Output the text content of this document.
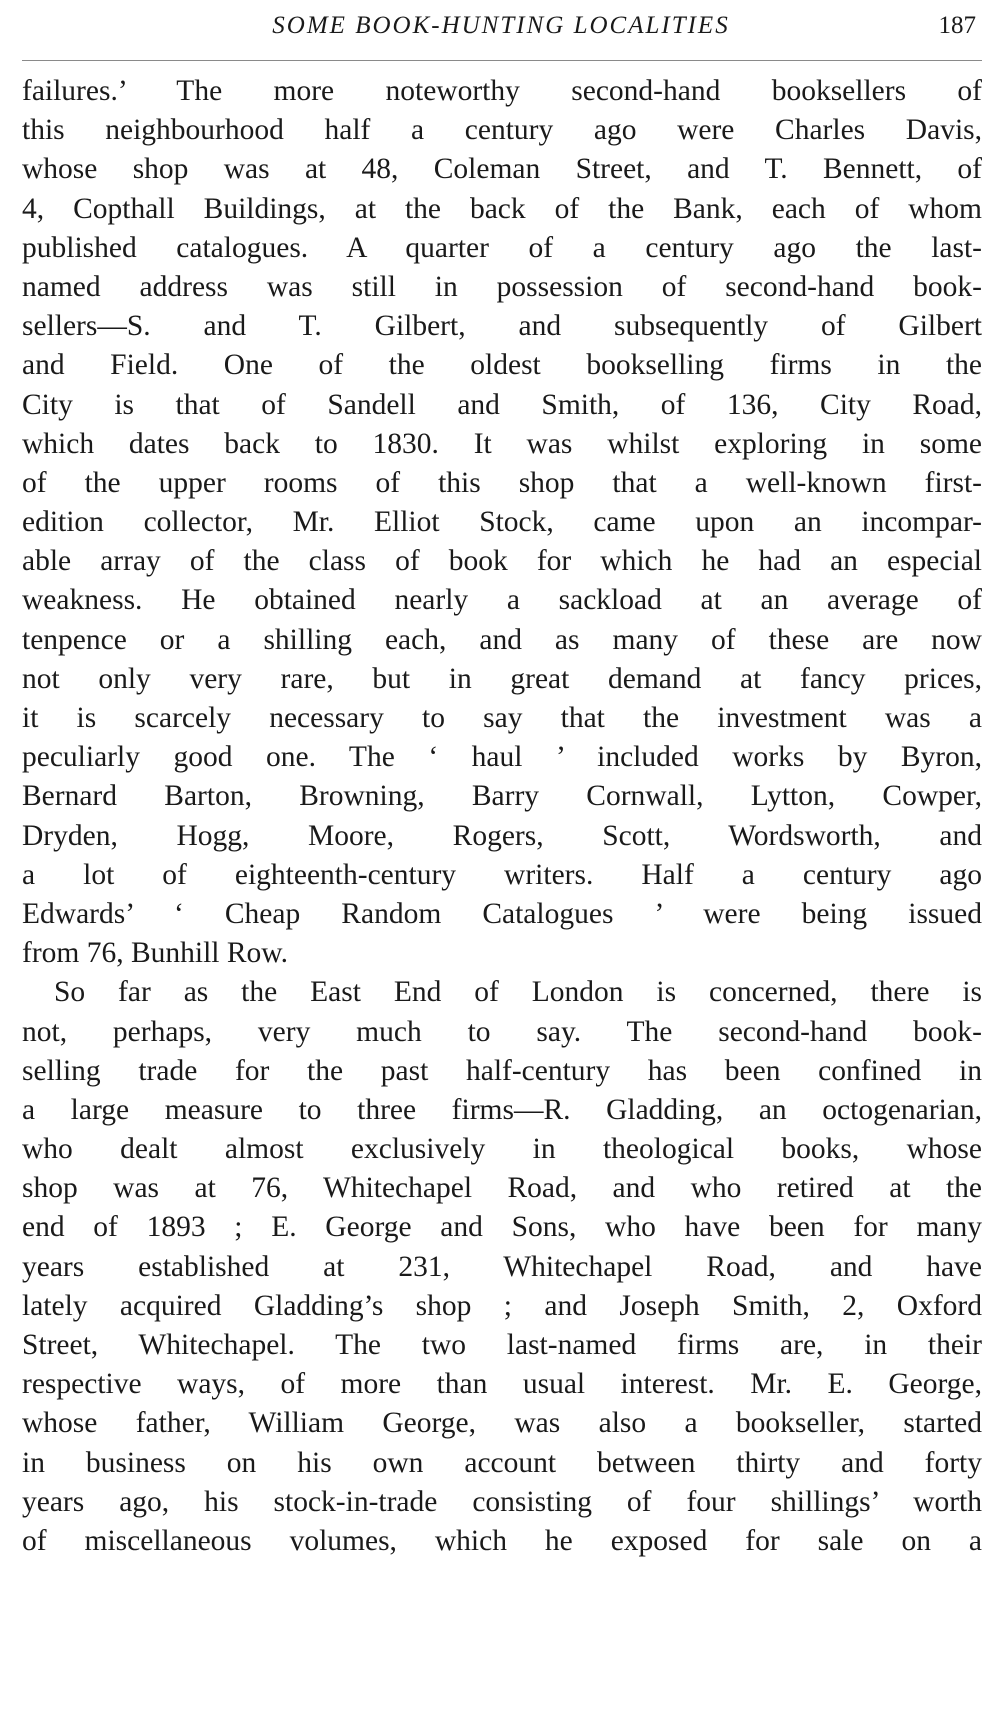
SOME BOOK-HUNTING LOCALITIES	187
failures.’ The more noteworthy second-hand booksellers of
this neighbourhood half a century ago were Charles Davis,
whose shop was at 48, Coleman Street, and T. Bennett, of
4, Copthall Buildings, at the back of the Bank, each of whom
published catalogues. A quarter of a century ago the last-
named address was still in possession of second-hand book-
sellers—S. and T. Gilbert, and subsequently of Gilbert
and Field. One of the oldest bookselling firms in the
City is that of Sandell and Smith, of 136, City Road,
which dates back to 1830. It was whilst exploring in some
of the upper rooms of this shop that a well-known first-
edition collector, Mr. Elliot Stock, came upon an incompar-
able array of the class of book for which he had an especial
weakness. He obtained nearly a sackload at an average of
tenpence or a shilling each, and as many of these are now
not only very rare, but in great demand at fancy prices,
it is scarcely necessary to say that the investment was a
peculiarly good one. The ‘ haul ’ included works by Byron,
Bernard Barton, Browning, Barry Cornwall, Lytton, Cowper,
Dryden, Hogg, Moore, Rogers, Scott, Wordsworth, and
a lot of eighteenth-century writers. Half a century ago
Edwards’ ‘ Cheap Random Catalogues ’ were being issued
from 76, Bunhill Row.
So far as the East End of London is concerned, there is
not, perhaps, very much to say. The second-hand book-
selling trade for the past half-century has been confined in
a large measure to three firms—R. Gladding, an octogenarian,
who dealt almost exclusively in theological books, whose
shop was at 76, Whitechapel Road, and who retired at the
end of 1893 ; E. George and Sons, who have been for many
years established at 231, Whitechapel Road, and have
lately acquired Gladding’s shop ; and Joseph Smith, 2, Oxford
Street, Whitechapel. The two last-named firms are, in their
respective ways, of more than usual interest. Mr. E. George,
whose father, William George, was also a bookseller, started
in business on his own account between thirty and forty
years ago, his stock-in-trade consisting of four shillings’ worth
of miscellaneous volumes, which he exposed for sale on a
